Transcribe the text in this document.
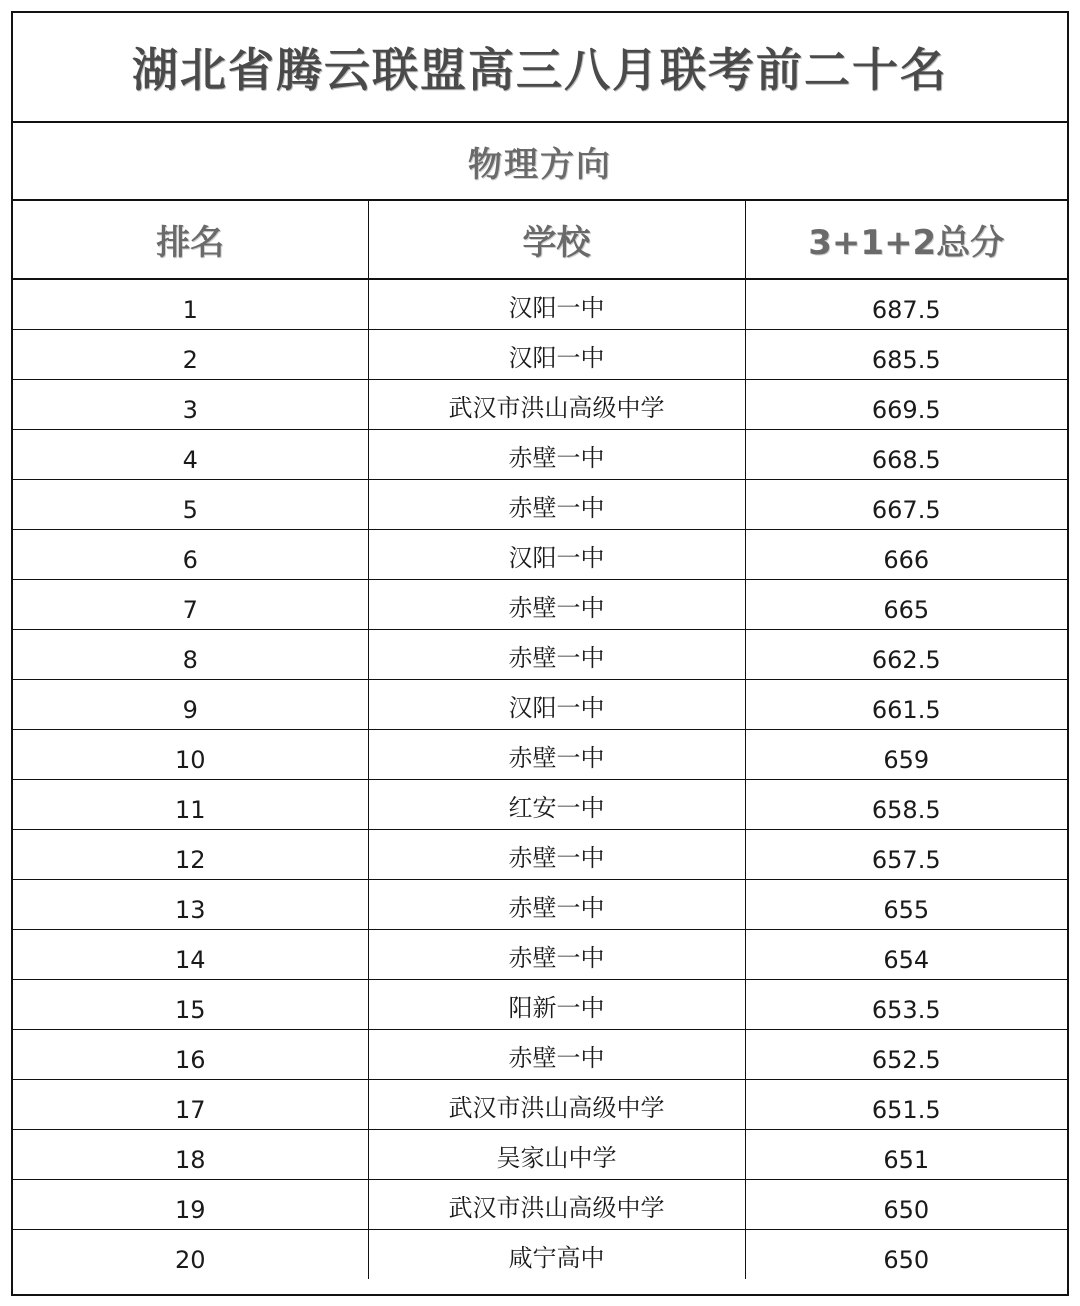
湖北省腾云联盟高三八月联考前二十名
物理方向
排名	学校	3+1+2总分
1	汉阳一中	687.5
2	汉阳一中	685.5
3	武汉市洪山高级中学	669.5
4	赤壁一中	668.5
5	赤壁一中	667.5
6	汉阳一中	666
7	赤壁一中	665
8	赤壁一中	662.5
9	汉阳一中	661.5
10	赤壁一中	659
11	红安一中	658.5
12	赤壁一中	657.5
13	赤壁一中	655
14	赤壁一中	654
15	阳新一中	653.5
16	赤壁一中	652.5
17	武汉市洪山高级中学	651.5
18	吴家山中学	651
19	武汉市洪山高级中学	650
20	咸宁高中	650
